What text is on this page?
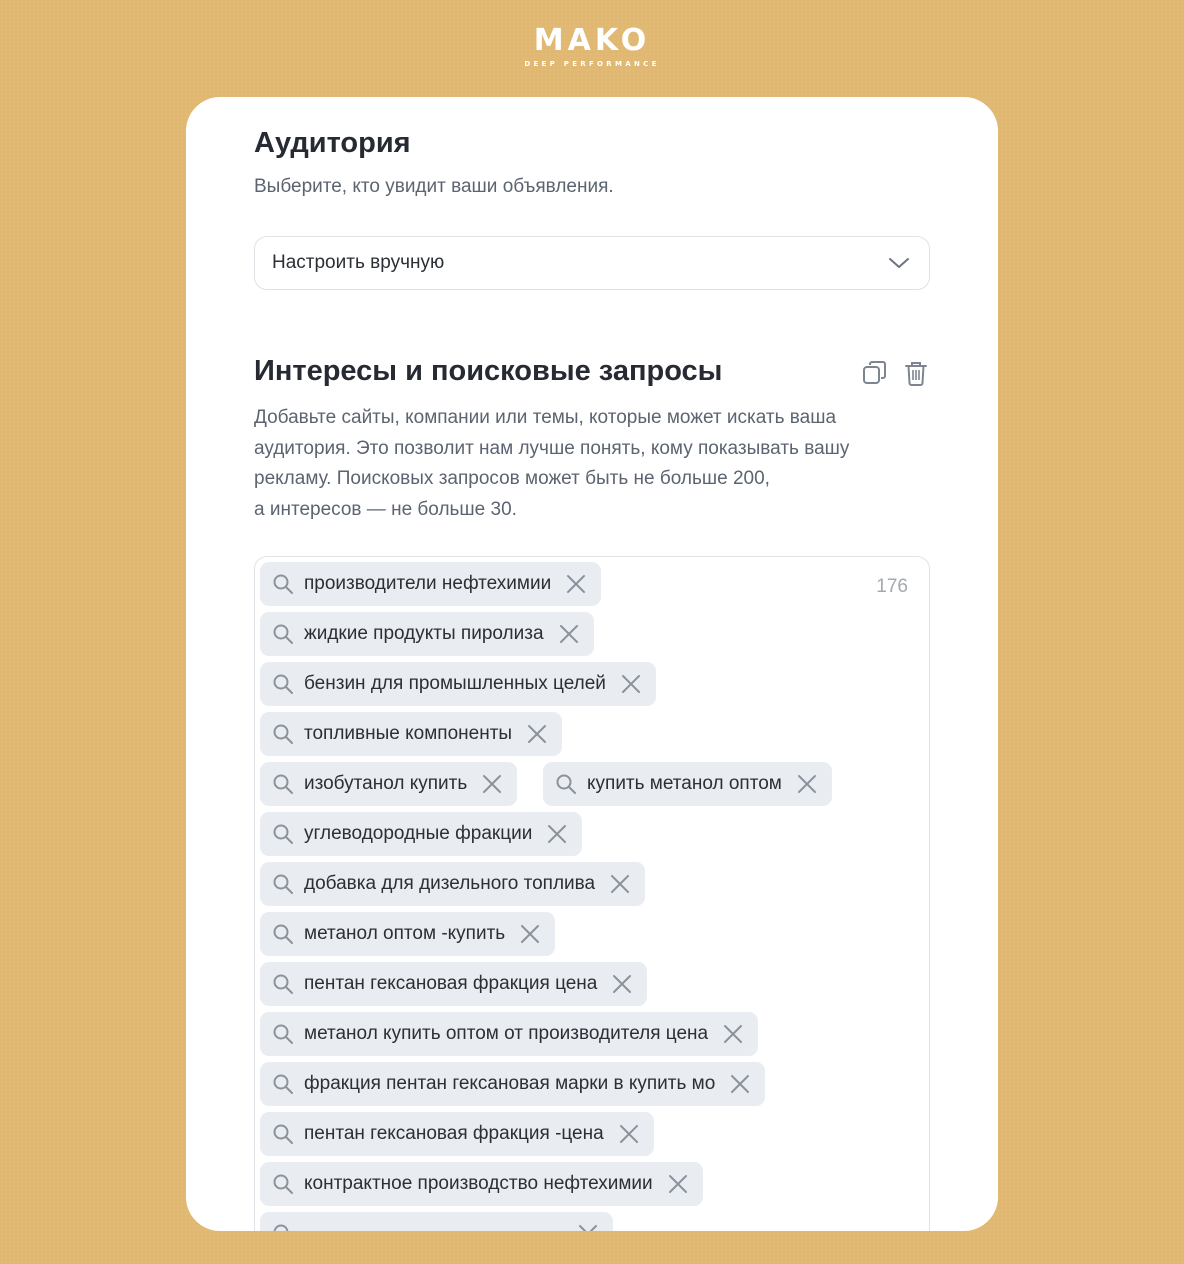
MAKO
DEEP PERFORMANCE
Аудитория
Выберите, кто увидит ваши объявления.
Настроить вручную
Интересы и поисковые запросы
Добавьте сайты, компании или темы, которые может искать ваша
аудитория. Это позволит нам лучше понять, кому показывать вашу
рекламу. Поисковых запросов может быть не больше 200,
а интересов — не больше 30.
176
производители нефтехимии
жидкие продукты пиролиза
бензин для промышленных целей
топливные компоненты
изобутанол купить	купить метанол оптом
углеводородные фракции
добавка для дизельного топлива
метанол оптом -купить
пентан гексановая фракция цена
метанол купить оптом от производителя цена
фракция пентан гексановая марки в купить мо
пентан гексановая фракция -цена
контрактное производство нефтехимии
